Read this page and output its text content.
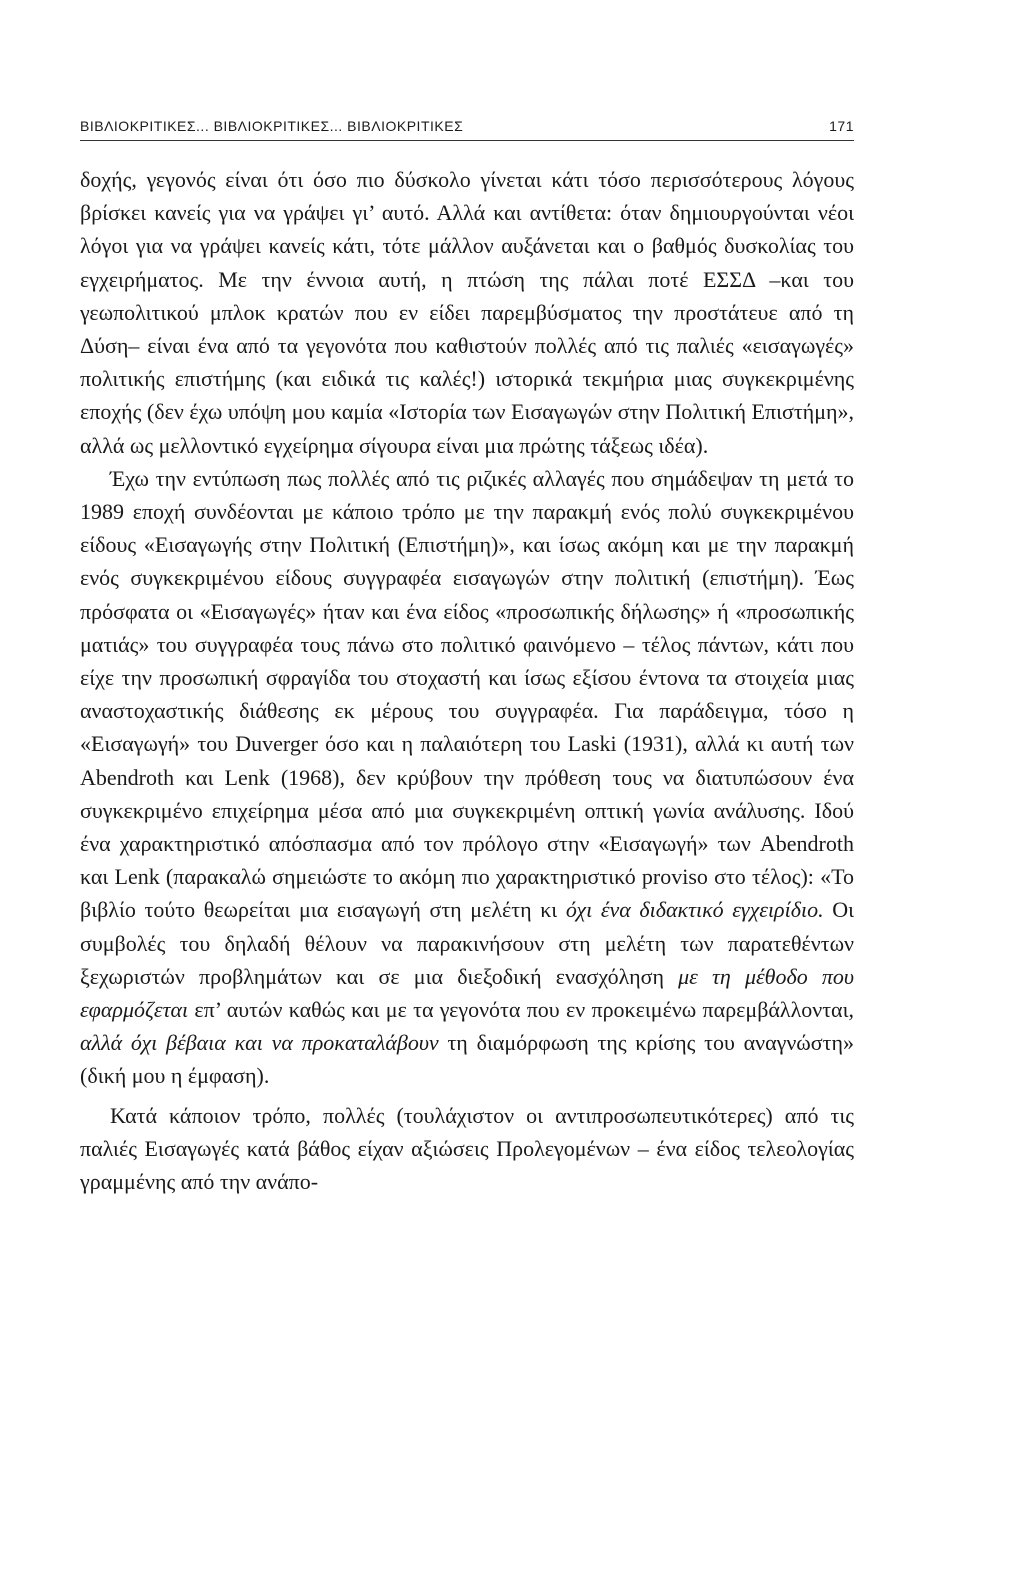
ΒΙΒΛΙΟΚΡΙΤΙΚΕΣ... ΒΙΒΛΙΟΚΡΙΤΙΚΕΣ... ΒΙΒΛΙΟΚΡΙΤΙΚΕΣ	171

δοχής, γεγονός είναι ότι όσο πιο δύσκολο γίνεται κάτι τόσο περισσότερους λόγους βρίσκει κανείς για να γράψει γι’ αυτό. Αλλά και αντίθετα: όταν δημιουργούνται νέοι λόγοι για να γράψει κανείς κάτι, τότε μάλλον αυξάνεται και ο βαθμός δυσκολίας του εγχειρήματος. Με την έννοια αυτή, η πτώση της πάλαι ποτέ ΕΣΣΔ –και του γεωπολιτικού μπλοκ κρατών που εν είδει παρεμβύσματος την προστάτευε από τη Δύση– είναι ένα από τα γεγονότα που καθιστούν πολλές από τις παλιές «εισαγωγές» πολιτικής επιστήμης (και ειδικά τις καλές!) ιστορικά τεκμήρια μιας συγκεκριμένης εποχής (δεν έχω υπόψη μου καμία «Ιστορία των Εισαγωγών στην Πολιτική Επιστήμη», αλλά ως μελλοντικό εγχείρημα σίγουρα είναι μια πρώτης τάξεως ιδέα).

Έχω την εντύπωση πως πολλές από τις ριζικές αλλαγές που σημάδεψαν τη μετά το 1989 εποχή συνδέονται με κάποιο τρόπο με την παρακμή ενός πολύ συγκεκριμένου είδους «Εισαγωγής στην Πολιτική (Επιστήμη)», και ίσως ακόμη και με την παρακμή ενός συγκεκριμένου είδους συγγραφέα εισαγωγών στην πολιτική (επιστήμη). Έως πρόσφατα οι «Εισαγωγές» ήταν και ένα είδος «προσωπικής δήλωσης» ή «προσωπικής ματιάς» του συγγραφέα τους πάνω στο πολιτικό φαινόμενο – τέλος πάντων, κάτι που είχε την προσωπική σφραγίδα του στοχαστή και ίσως εξίσου έντονα τα στοιχεία μιας αναστοχαστικής διάθεσης εκ μέρους του συγγραφέα. Για παράδειγμα, τόσο η «Εισαγωγή» του Duverger όσο και η παλαιότερη του Laski (1931), αλλά κι αυτή των Abendroth και Lenk (1968), δεν κρύβουν την πρόθεση τους να διατυπώσουν ένα συγκεκριμένο επιχείρημα μέσα από μια συγκεκριμένη οπτική γωνία ανάλυσης. Ιδού ένα χαρακτηριστικό απόσπασμα από τον πρόλογο στην «Εισαγωγή» των Abendroth και Lenk (παρακαλώ σημειώστε το ακόμη πιο χαρακτηριστικό proviso στο τέλος): «Το βιβλίο τούτο θεωρείται μια εισαγωγή στη μελέτη κι όχι ένα διδακτικό εγχειρίδιο. Οι συμβολές του δηλαδή θέλουν να παρακινήσουν στη μελέτη των παρατεθέντων ξεχωριστών προβλημάτων και σε μια διεξοδική ενασχόληση με τη μέθοδο που εφαρμόζεται επ’ αυτών καθώς και με τα γεγονότα που εν προκειμένω παρεμβάλλονται, αλλά όχι βέβαια και να προκαταλάβουν τη διαμόρφωση της κρίσης του αναγνώστη» (δική μου η έμφαση).

Κατά κάποιον τρόπο, πολλές (τουλάχιστον οι αντιπροσωπευτικότερες) από τις παλιές Εισαγωγές κατά βάθος είχαν αξιώσεις Προλεγομένων – ένα είδος τελεολογίας γραμμένης από την ανάπο-
